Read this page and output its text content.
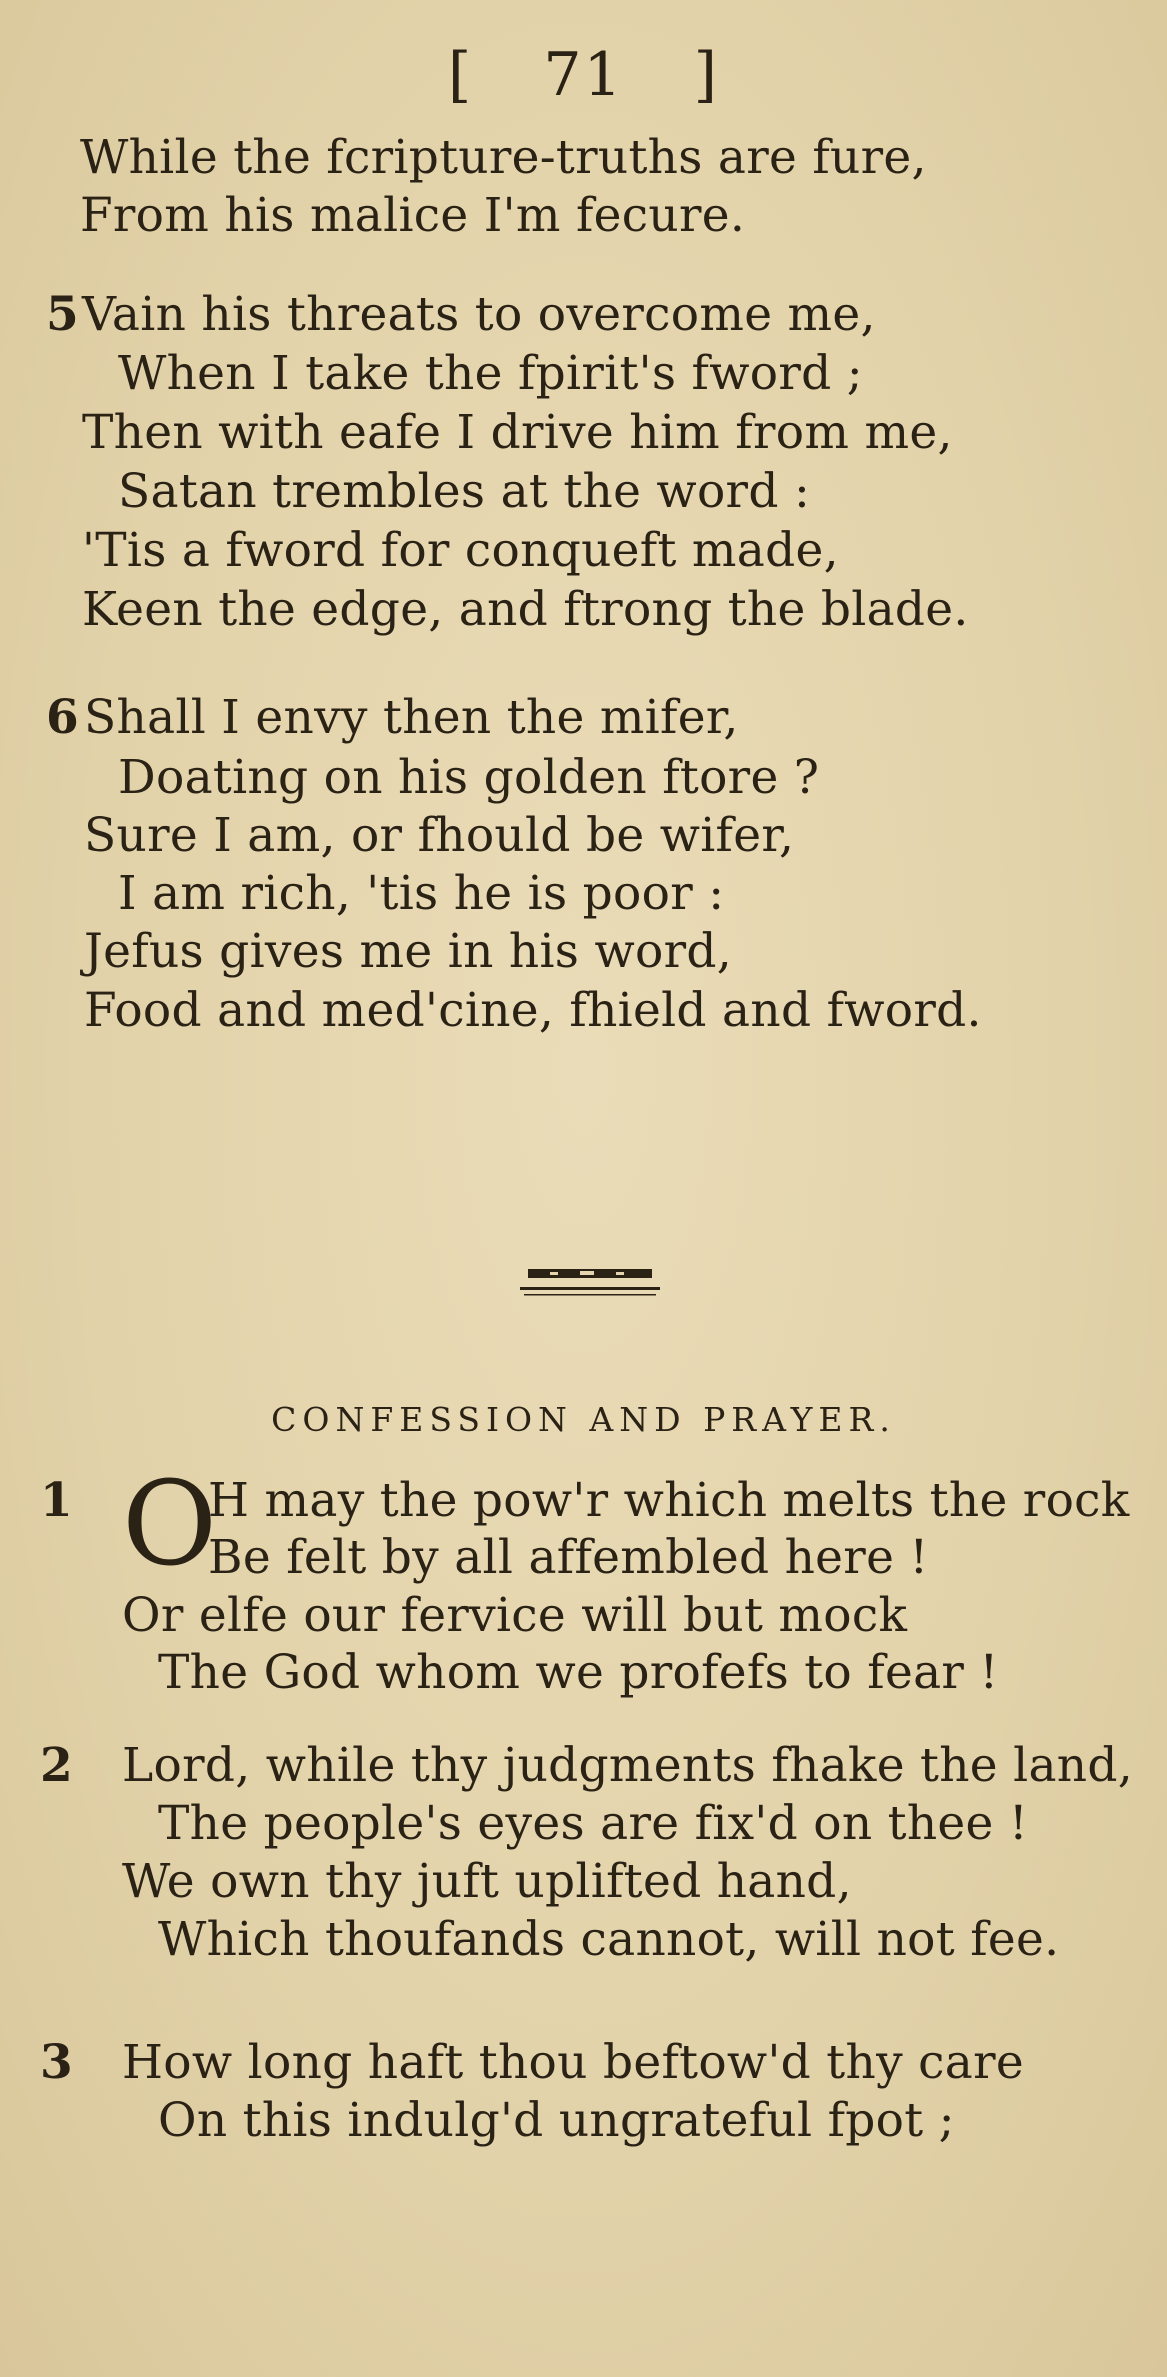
[ 71 ]
While the fcripture-truths are fure,
From his malice I'm fecure.
5 Vain his threats to overcome me,
When I take the fpirit's fword ;
Then with eafe I drive him from me,
Satan trembles at the word :
'Tis a fword for conqueft made,
Keen the edge, and ftrong the blade.
6 Shall I envy then the mifer,
Doating on his golden ftore ?
Sure I am, or fhould be wifer,
I am rich, 'tis he is poor :
Jefus gives me in his word,
Food and med'cine, fhield and fword.
CONFESSION AND PRAYER.
1 O
H may the pow'r which melts the rock
Be felt by all affembled here !
Or elfe our fervice will but mock
The God whom we profefs to fear !
2 Lord, while thy judgments fhake the land,
The people's eyes are fix'd on thee !
We own thy juft uplifted hand,
Which thoufands cannot, will not fee.
3 How long haft thou beftow'd thy care
On this indulg'd ungrateful fpot ;
